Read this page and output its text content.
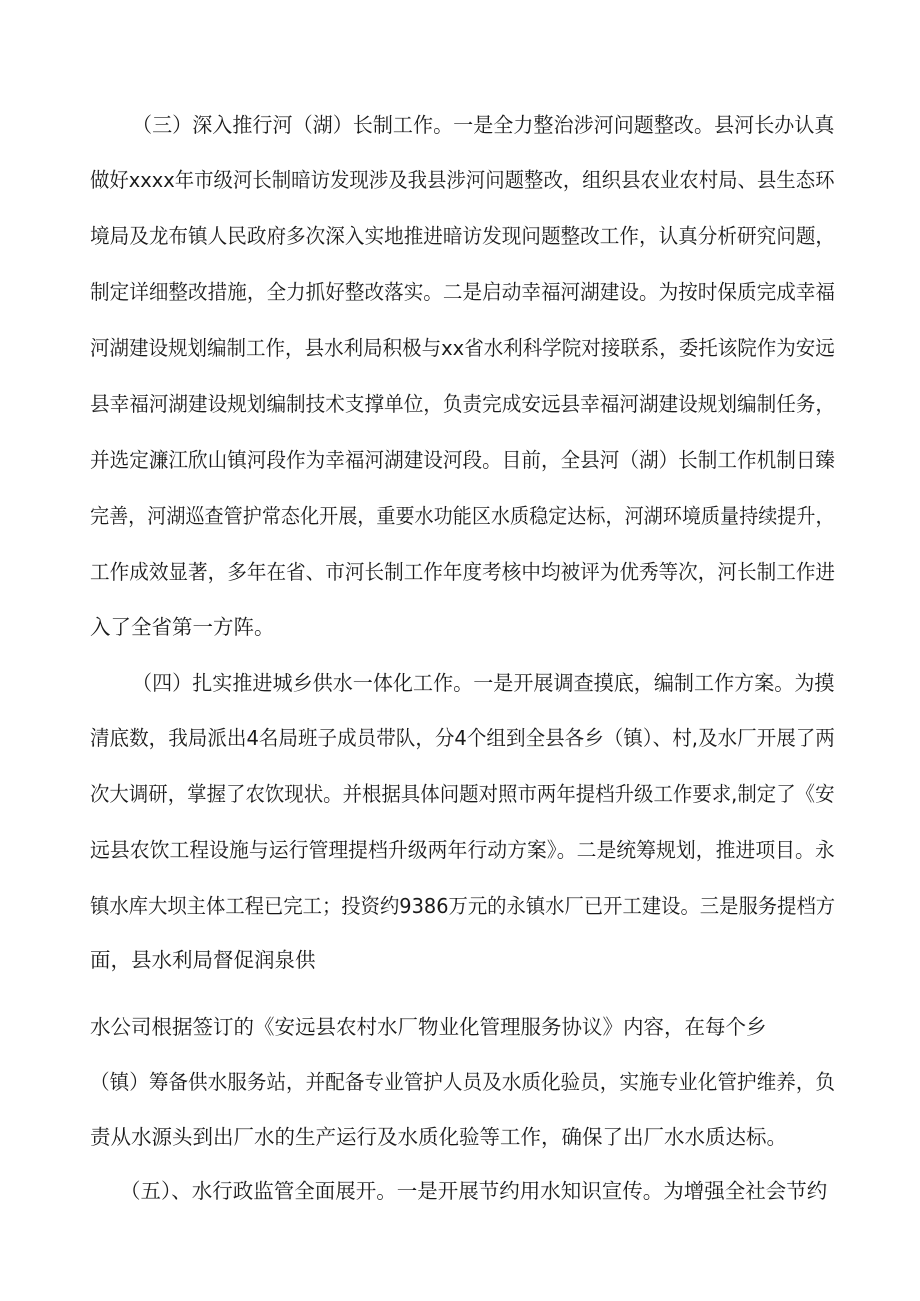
（三）深入推行河（湖）长制工作。一是全力整治涉河问题整改。县河长办认真
做好xxxx年市级河长制暗访发现涉及我县涉河问题整改，组织县农业农村局、县生态环
境局及龙布镇人民政府多次深入实地推进暗访发现问题整改工作，认真分析研究问题，
制定详细整改措施，全力抓好整改落实。二是启动幸福河湖建设。为按时保质完成幸福
河湖建设规划编制工作，县水利局积极与xx省水利科学院对接联系，委托该院作为安远
县幸福河湖建设规划编制技术支撑单位，负责完成安远县幸福河湖建设规划编制任务，
并选定濂江欣山镇河段作为幸福河湖建设河段。目前，全县河（湖）长制工作机制日臻
完善，河湖巡查管护常态化开展，重要水功能区水质稳定达标，河湖环境质量持续提升，
工作成效显著，多年在省、市河长制工作年度考核中均被评为优秀等次，河长制工作进
入了全省第一方阵。
（四）扎实推进城乡供水一体化工作。一是开展调查摸底，编制工作方案。为摸
清底数，我局派出4名局班子成员带队，分4个组到全县各乡（镇）、村,及水厂开展了两
次大调研，掌握了农饮现状。并根据具体问题对照市两年提档升级工作要求,制定了《安
远县农饮工程设施与运行管理提档升级两年行动方案》。二是统筹规划，推进项目。永
镇水库大坝主体工程已完工；投资约9386万元的永镇水厂已开工建设。三是服务提档方
面，县水利局督促润泉供
水公司根据签订的《安远县农村水厂物业化管理服务协议》内容，在每个乡
（镇）筹备供水服务站，并配备专业管护人员及水质化验员，实施专业化管护维养，负
责从水源头到出厂水的生产运行及水质化验等工作，确保了出厂水水质达标。
（五）、水行政监管全面展开。一是开展节约用水知识宣传。为增强全社会节约
